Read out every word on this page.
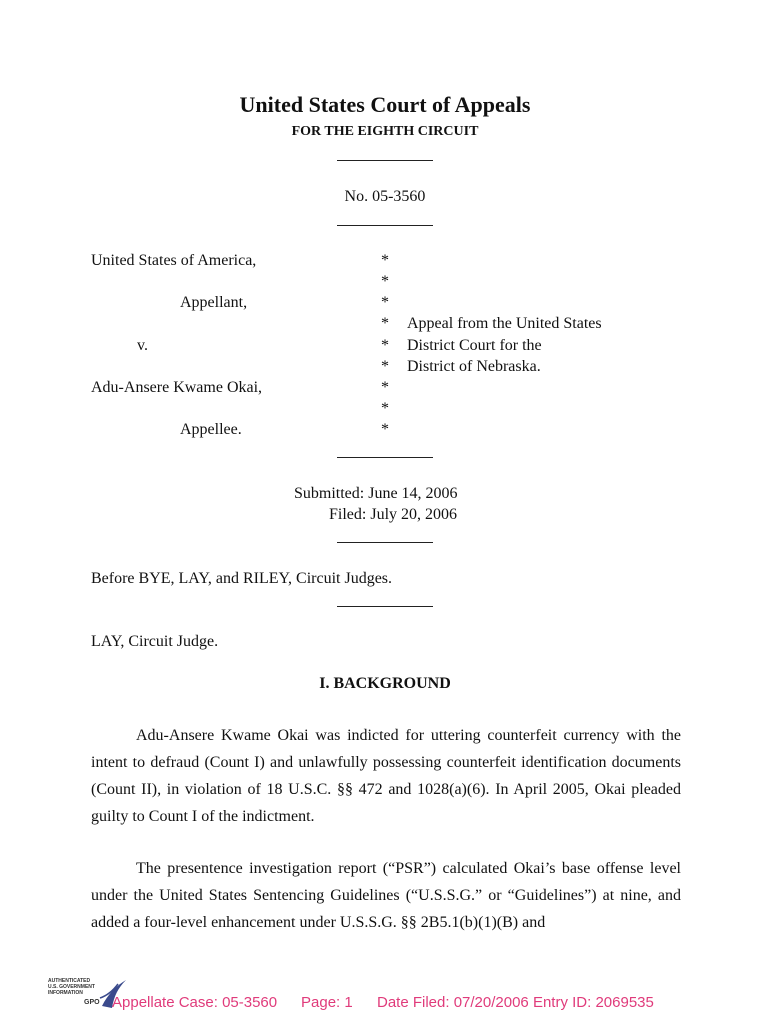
United States Court of Appeals
FOR THE EIGHTH CIRCUIT
No. 05-3560
United States of America,
Appellant,
v.
Adu-Ansere Kwame Okai,
Appellee.
*
*
*
*
*
*
*
*
*
Appeal from the United States
District Court for the
District of Nebraska.
Submitted: June 14, 2006
Filed: July 20, 2006
Before BYE, LAY, and RILEY, Circuit Judges.
LAY, Circuit Judge.
I. BACKGROUND
Adu-Ansere Kwame Okai was indicted for uttering counterfeit currency with the intent to defraud (Count I) and unlawfully possessing counterfeit identification documents (Count II), in violation of 18 U.S.C. §§ 472 and 1028(a)(6). In April 2005, Okai pleaded guilty to Count I of the indictment.
The presentence investigation report (“PSR”) calculated Okai’s base offense level under the United States Sentencing Guidelines (“U.S.S.G.” or “Guidelines”) at nine, and added a four-level enhancement under U.S.S.G. §§ 2B5.1(b)(1)(B) and
AUTHENTICATED
U.S. GOVERNMENT
INFORMATION
GPO Appellate Case: 05-3560 Page: 1 Date Filed: 07/20/2006 Entry ID: 2069535
